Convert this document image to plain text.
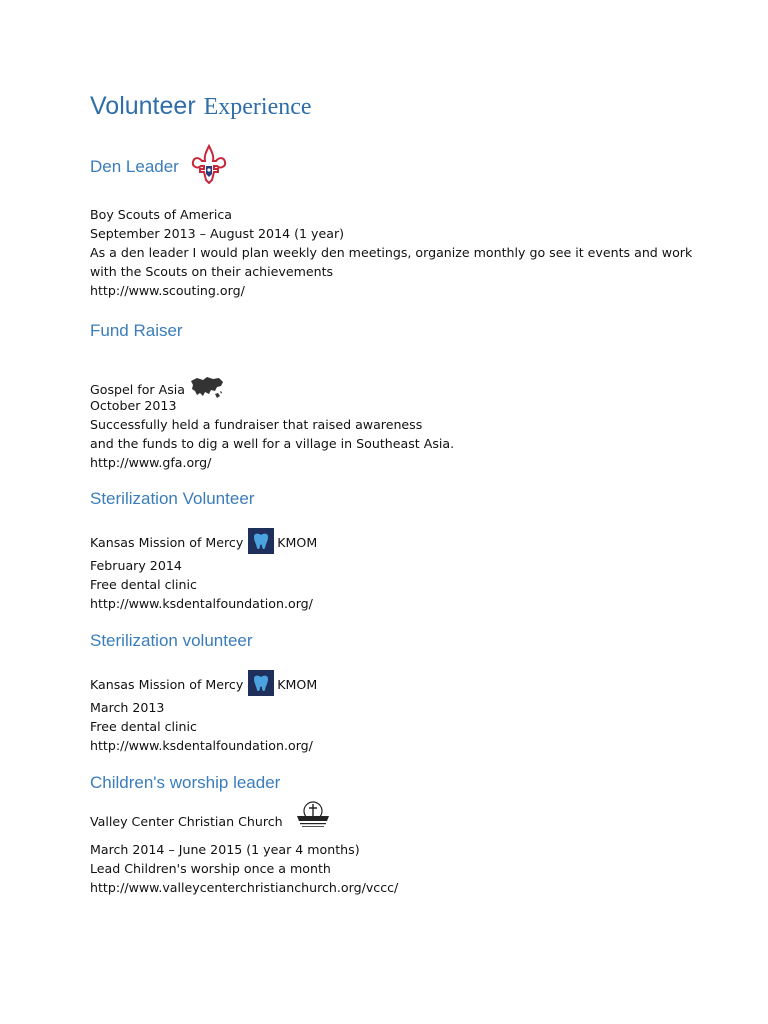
Volunteer Experience
Den Leader
Boy Scouts of America
September 2013 – August 2014 (1 year)
As a den leader I would plan weekly den meetings, organize monthly go see it events and work
with the Scouts on their achievements
http://www.scouting.org/
Fund Raiser
Gospel for Asia
October 2013
Successfully held a fundraiser that raised awareness
and the funds to dig a well for a village in Southeast Asia.
http://www.gfa.org/
Sterilization Volunteer
Kansas Mission of Mercy	KMOM
February 2014
Free dental clinic
http://www.ksdentalfoundation.org/
Sterilization volunteer
Kansas Mission of Mercy	KMOM
March 2013
Free dental clinic
http://www.ksdentalfoundation.org/
Children's worship leader
Valley Center Christian Church
March 2014 – June 2015 (1 year 4 months)
Lead Children's worship once a month
http://www.valleycenterchristianchurch.org/vccc/
